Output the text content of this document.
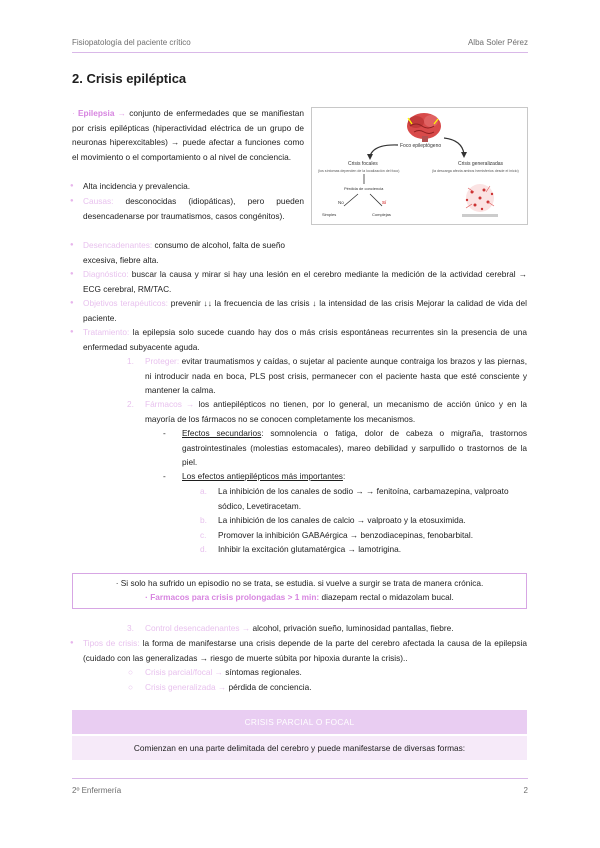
Fisiopatología del paciente crítico	Alba Soler Pérez
2. Crisis epiléptica
· Epilepsia → conjunto de enfermedades que se manifiestan por crisis epilépticas (hiperactividad eléctrica de un grupo de neuronas hiperexcitables) → puede afectar a funciones como el movimiento o el comportamiento o al nivel de conciencia.
Foco epileptógeno
Crisis focales
(los síntomas dependen de la localización del foco)
Pérdida de conciencia
No	Sí
Simples	Complejas
Crisis generalizadas
(la descarga afecta ambos hemisferios desde el inicio)
● Alta incidencia y prevalencia.
● Causas: desconocidas (idiopáticas), pero pueden desencadenarse por traumatismos, casos congénitos).
● Desencadenantes: consumo de alcohol, falta de sueño excesiva, fiebre alta.
● Diagnóstico: buscar la causa y mirar si hay una lesión en el cerebro mediante la medición de la actividad cerebral → ECG cerebral, RM/TAC.
● Objetivos terapéuticos: prevenir ↓↓ la frecuencia de las crisis ↓ la intensidad de las crisis Mejorar la calidad de vida del paciente.
● Tratamiento: la epilepsia solo sucede cuando hay dos o más crisis espontáneas recurrentes sin la presencia de una enfermedad subyacente aguda.
1. Proteger: evitar traumatismos y caídas, o sujetar al paciente aunque contraiga los brazos y las piernas, ni introducir nada en boca, PLS post crisis, permanecer con el paciente hasta que esté consciente y mantener la calma.
2. Fármacos → los antiepilépticos no tienen, por lo general, un mecanismo de acción único y en la mayoría de los fármacos no se conocen completamente los mecanismos.
- Efectos secundarios: somnolencia o fatiga, dolor de cabeza o migraña, trastornos gastrointestinales (molestias estomacales), mareo debilidad y sarpullido o trastornos de la piel.
- Los efectos antiepilépticos más importantes:
a. La inhibición de los canales de sodio → → fenitoína, carbamazepina, valproato sódico, Levetiracetam.
b. La inhibición de los canales de calcio → valproato y la etosuximida.
c. Promover la inhibición GABAérgica → benzodiacepinas, fenobarbital.
d. Inhibir la excitación glutamatérgica → lamotrigina.
· Si solo ha sufrido un episodio no se trata, se estudia. si vuelve a surgir se trata de manera crónica.
· Farmacos para crisis prolongadas > 1 min: diazepam rectal o midazolam bucal.
3. Control desencadenantes → alcohol, privación sueño, luminosidad pantallas, fiebre.
● Tipos de crisis: la forma de manifestarse una crisis depende de la parte del cerebro afectada la causa de la epilepsia (cuidado con las generalizadas → riesgo de muerte súbita por hipoxia durante la crisis)..
○ Crisis parcial/focal → síntomas regionales.
○ Crisis generalizada → pérdida de conciencia.
CRISIS PARCIAL O FOCAL
Comienzan en una parte delimitada del cerebro y puede manifestarse de diversas formas:
2º Enfermería	2
